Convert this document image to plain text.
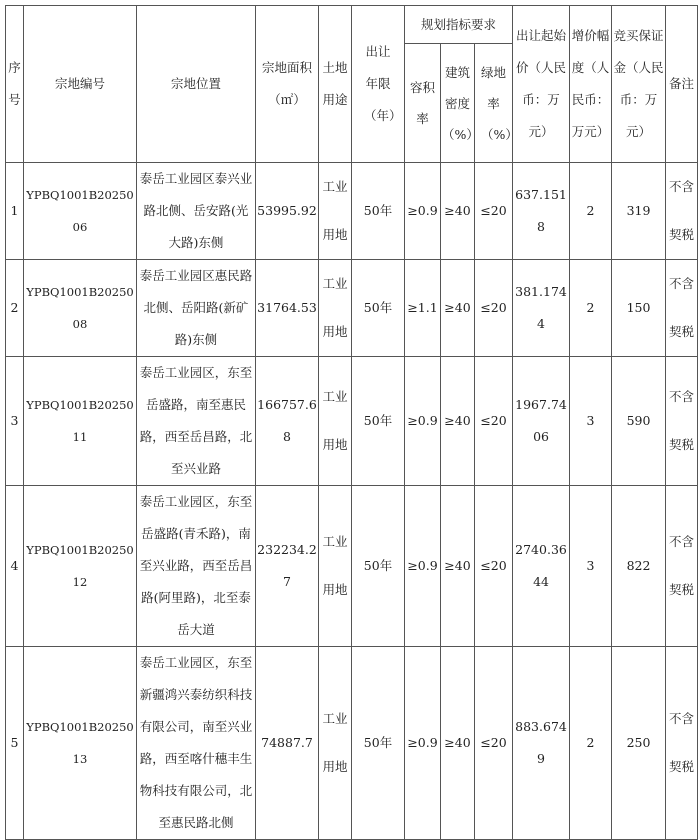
序号	宗地编号	宗地位置	宗地面积（㎡）	土地用途	出让年限（年）	规划指标要求			出让起始价（人民币：万元）	增价幅度（人民币：万元）	竞买保证金（人民币：万元）	备注
						容积率	建筑密度（%）	绿地率（%）				
1	YPBQ1001B2025006	泰岳工业园区泰兴业路北侧、岳安路(光大路)东侧	53995.92	工业用地	50年	≥0.9	≥40	≤20	637.1518	2	319	不含契税
2	YPBQ1001B2025008	泰岳工业园区惠民路北侧、岳阳路(新矿路)东侧	31764.53	工业用地	50年	≥1.1	≥40	≤20	381.1744	2	150	不含契税
3	YPBQ1001B2025011	泰岳工业园区，东至岳盛路，南至惠民路，西至岳昌路，北至兴业路	166757.68	工业用地	50年	≥0.9	≥40	≤20	1967.7406	3	590	不含契税
4	YPBQ1001B2025012	泰岳工业园区，东至岳盛路(青禾路)，南至兴业路，西至岳昌路(阿里路)，北至泰岳大道	232234.27	工业用地	50年	≥0.9	≥40	≤20	2740.3644	3	822	不含契税
5	YPBQ1001B2025013	泰岳工业园区，东至新疆鸿兴泰纺织科技有限公司，南至兴业路，西至喀什穗丰生物科技有限公司，北至惠民路北侧	74887.7	工业用地	50年	≥0.9	≥40	≤20	883.6749	2	250	不含契税
